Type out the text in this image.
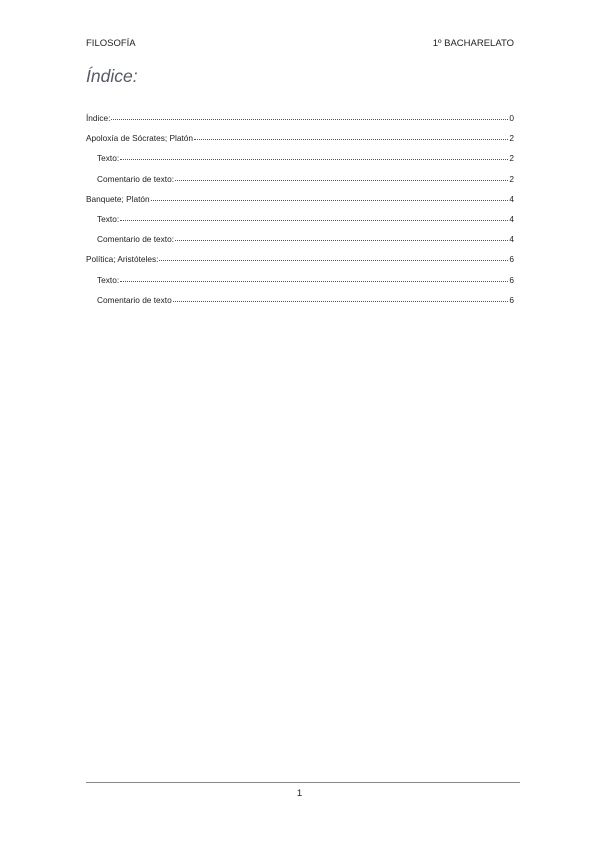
FILOSOFÍA	1º BACHARELATO
Índice:
Índice:	0
Apoloxía de Sócrates; Platón	2
Texto:	2
Comentario de texto:	2
Banquete; Platón	4
Texto:	4
Comentario de texto:	4
Política; Aristóteles:	6
Texto:	6
Comentario de texto	6
1
